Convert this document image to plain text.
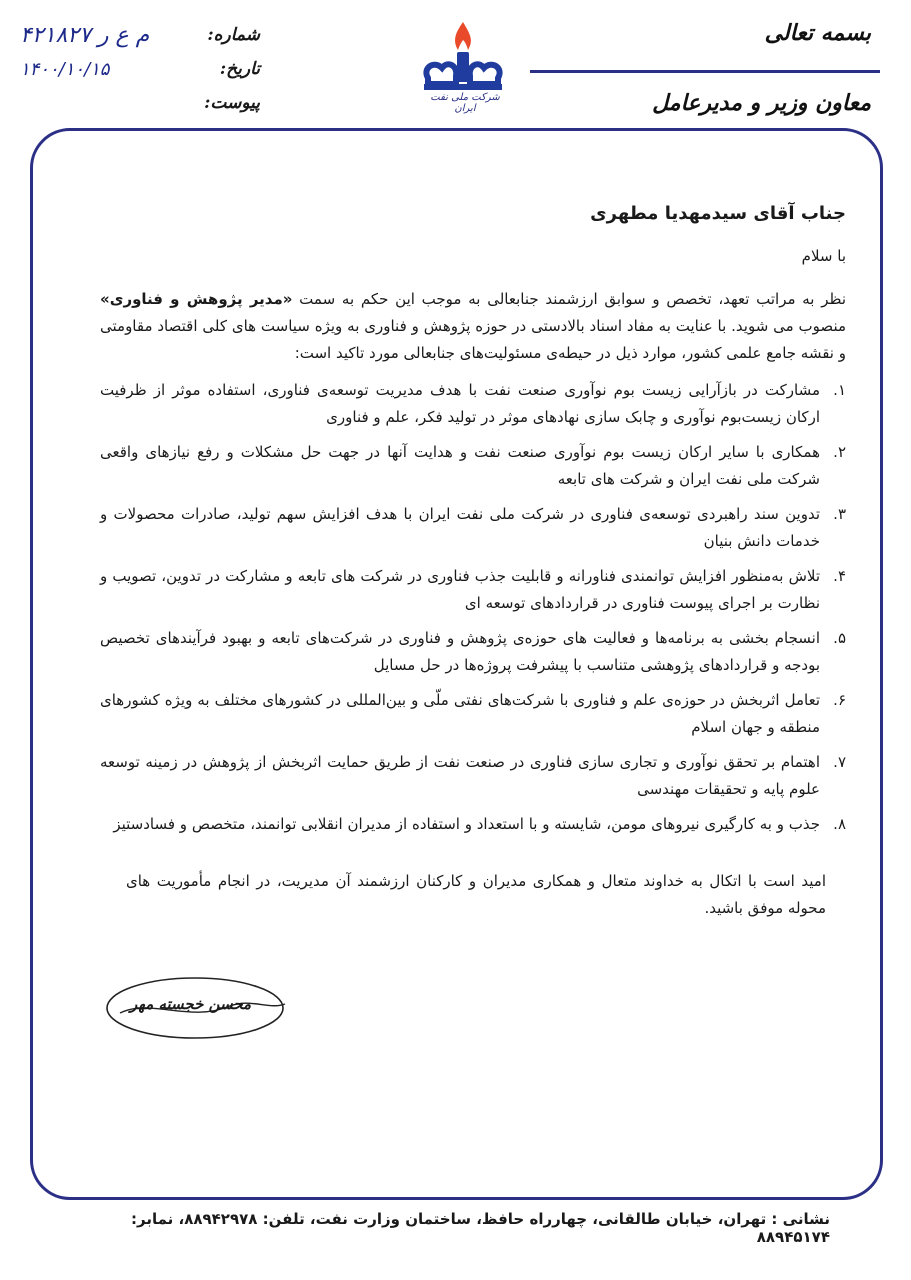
بسمه تعالی
معاون وزیر و مدیرعامل
شرکت ملی نفت ایران
شماره:
۴۲۱۸۲۷ م ع ر
تاریخ:
۱۴۰۰/۱۰/۱۵
پیوست:
جناب آقای سیدمهدیا مطهری
با سلام
نظر به مراتب تعهد، تخصص و سوابق ارزشمند جنابعالی به موجب این حکم به سمت «مدیر پژوهش و فناوری» منصوب می شوید. با عنایت به مفاد اسناد بالادستی در حوزه پژوهش و فناوری به ویژه سیاست های کلی اقتصاد مقاومتی و نقشه جامع علمی کشور، موارد ذیل در حیطه‌ی مسئولیت‌های جنابعالی مورد تاکید است:
۱.
مشارکت در بازآرایی زیست بوم نوآوری صنعت نفت با هدف مدیریت توسعه‌ی فناوری، استفاده موثر از ظرفیت ارکان زیست‌بوم نوآوری و چابک سازی نهادهای موثر در تولید فکر، علم و فناوری
۲.
همکاری با سایر ارکان زیست بوم نوآوری صنعت نفت و هدایت آنها در جهت حل مشکلات و رفع نیازهای واقعی شرکت ملی نفت ایران و شرکت های تابعه
۳.
تدوین سند راهبردی توسعه‌ی فناوری در شرکت ملی نفت ایران با هدف افزایش سهم تولید، صادرات محصولات و خدمات دانش بنیان
۴.
تلاش به‌منظور افزایش توانمندی فناورانه و قابلیت جذب فناوری در شرکت های تابعه و مشارکت در تدوین، تصویب و نظارت بر اجرای پیوست فناوری در قراردادهای توسعه ای
۵.
انسجام بخشی به برنامه‌ها و فعالیت های حوزه‌ی پژوهش و فناوری در شرکت‌های تابعه و بهبود فرآیندهای تخصیص بودجه و قراردادهای پژوهشی متناسب با پیشرفت پروژه‌ها در حل مسایل
۶.
تعامل اثربخش در حوزه‌ی علم و فناوری با شرکت‌های نفتی ملّی و بین‌المللی در کشورهای مختلف به ویژه کشورهای منطقه و جهان اسلام
۷.
اهتمام بر تحقق نوآوری و تجاری سازی فناوری در صنعت نفت از طریق حمایت اثربخش از پژوهش در زمینه توسعه علوم پایه و تحقیقات مهندسی
۸.
جذب و به کارگیری نیروهای مومن، شایسته و با استعداد و استفاده از مدیران انقلابی توانمند، متخصص و فسادستیز
امید است با اتکال به خداوند متعال و همکاری مدیران و کارکنان ارزشمند آن مدیریت، در انجام مأموریت های محوله موفق باشید.
محسن خجسته مهر
نشانی : تهران، خیابان طالقانی، چهارراه حافظ، ساختمان وزارت نفت، تلفن: ۸۸۹۴۲۹۷۸، نمابر: ۸۸۹۴۵۱۷۴
